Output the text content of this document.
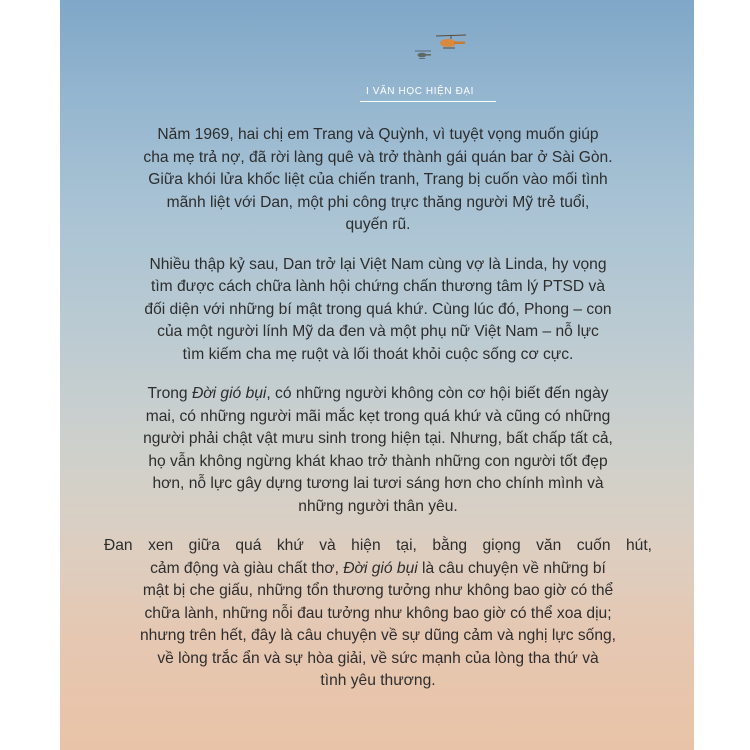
I VĂN HỌC HIỆN ĐẠI
Năm 1969, hai chị em Trang và Quỳnh, vì tuyệt vọng muốn giúp
cha mẹ trả nợ, đã rời làng quê và trở thành gái quán bar ở Sài Gòn.
Giữa khói lửa khốc liệt của chiến tranh, Trang bị cuốn vào mối tình
mãnh liệt với Dan, một phi công trực thăng người Mỹ trẻ tuổi,
quyến rũ.
Nhiều thập kỷ sau, Dan trở lại Việt Nam cùng vợ là Linda, hy vọng
tìm được cách chữa lành hội chứng chấn thương tâm lý PTSD và
đối diện với những bí mật trong quá khứ. Cùng lúc đó, Phong – con
của một người lính Mỹ da đen và một phụ nữ Việt Nam – nỗ lực
tìm kiếm cha mẹ ruột và lối thoát khỏi cuộc sống cơ cực.
Trong Đời gió bụi, có những người không còn cơ hội biết đến ngày
mai, có những người mãi mắc kẹt trong quá khứ và cũng có những
người phải chật vật mưu sinh trong hiện tại. Nhưng, bất chấp tất cả,
họ vẫn không ngừng khát khao trở thành những con người tốt đẹp
hơn, nỗ lực gây dựng tương lai tươi sáng hơn cho chính mình và
những người thân yêu.
Đan xen giữa quá khứ và hiện tại, bằng giọng văn cuốn hút,
cảm động và giàu chất thơ, Đời gió bụi là câu chuyện về những bí
mật bị che giấu, những tổn thương tưởng như không bao giờ có thể
chữa lành, những nỗi đau tưởng như không bao giờ có thể xoa dịu;
nhưng trên hết, đây là câu chuyện về sự dũng cảm và nghị lực sống,
về lòng trắc ẩn và sự hòa giải, về sức mạnh của lòng tha thứ và
tình yêu thương.
